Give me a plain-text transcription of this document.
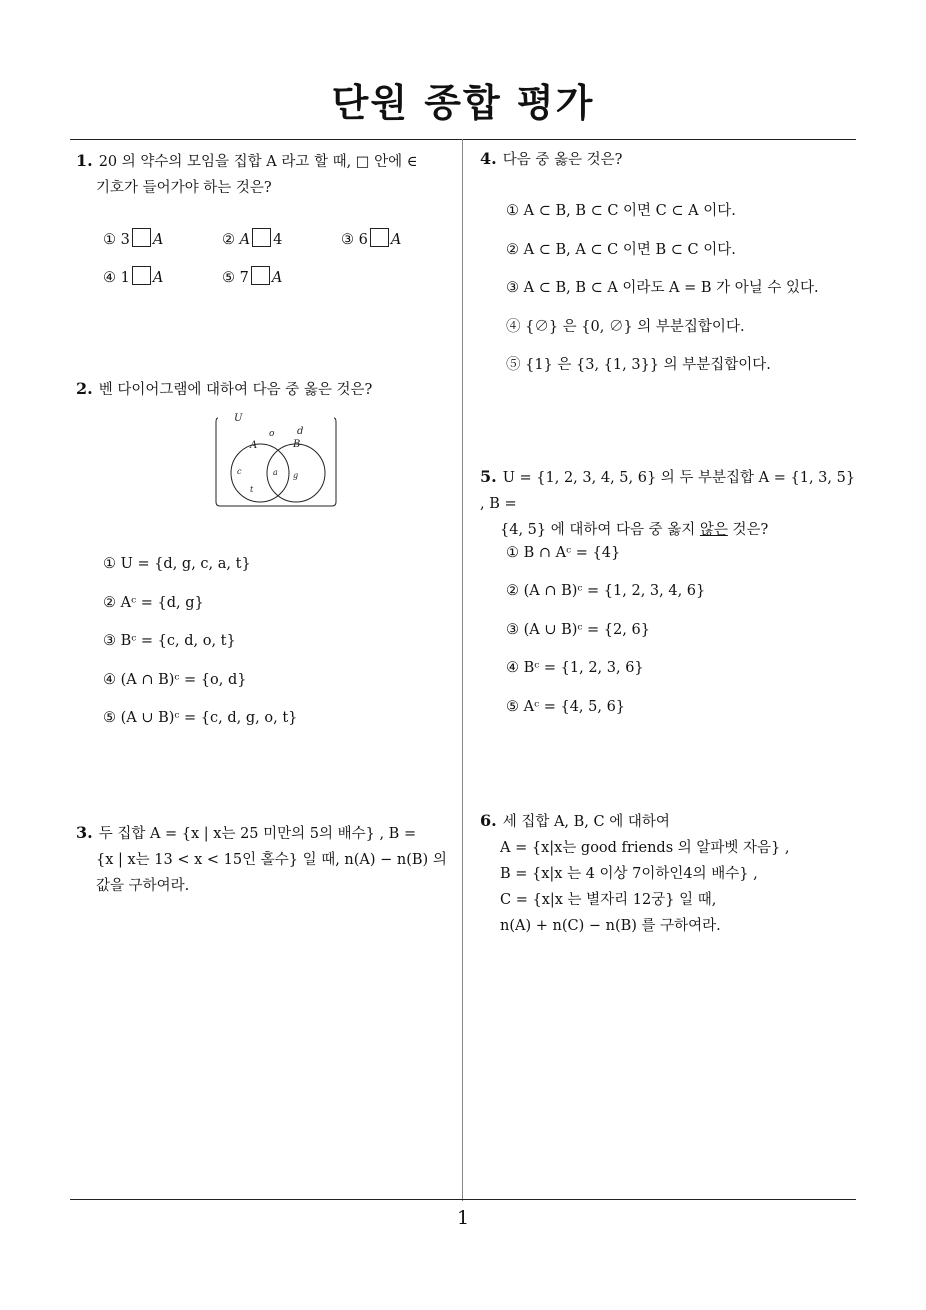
단원 종합 평가
1
1. 20 의 약수의 모임을 집합 A 라고 할 때, □ 안에 ∈
기호가 들어가야 하는 것은?
① 3 A	② A 4	③ 6 A
④ 1 A	⑤ 7 A
2. 벤 다이어그램에 대하여 다음 중 옳은 것은?
U
A	B
o d
c	a g
t
① U = {d, g, c, a, t}
② Aᶜ = {d, g}
③ Bᶜ = {c, d, o, t}
④ (A ∩ B)ᶜ = {o, d}
⑤ (A ∪ B)ᶜ = {c, d, g, o, t}
3. 두 집합 A = {x | x는 25 미만의 5의 배수} , B =
{x | x는 13 < x < 15인 홀수} 일 때, n(A) − n(B) 의
값을 구하여라.
4. 다음 중 옳은 것은?
① A ⊂ B, B ⊂ C 이면 C ⊂ A 이다.
② A ⊂ B, A ⊂ C 이면 B ⊂ C 이다.
③ A ⊂ B, B ⊂ A 이라도 A = B 가 아닐 수 있다.
④ {∅} 은 {0, ∅} 의 부분집합이다.
⑤ {1} 은 {3, {1, 3}} 의 부분집합이다.
5. U = {1, 2, 3, 4, 5, 6} 의 두 부분집합 A = {1, 3, 5} , B =
{4, 5} 에 대하여 다음 중 옳지 않은 것은?
① B ∩ Aᶜ = {4}
② (A ∩ B)ᶜ = {1, 2, 3, 4, 6}
③ (A ∪ B)ᶜ = {2, 6}
④ Bᶜ = {1, 2, 3, 6}
⑤ Aᶜ = {4, 5, 6}
6. 세 집합 A, B, C 에 대하여
A = {x|x는 good friends 의 알파벳 자음} ,
B = {x|x 는 4 이상 7이하인4의 배수} ,
C = {x|x 는 별자리 12궁} 일 때,
n(A) + n(C) − n(B) 를 구하여라.
